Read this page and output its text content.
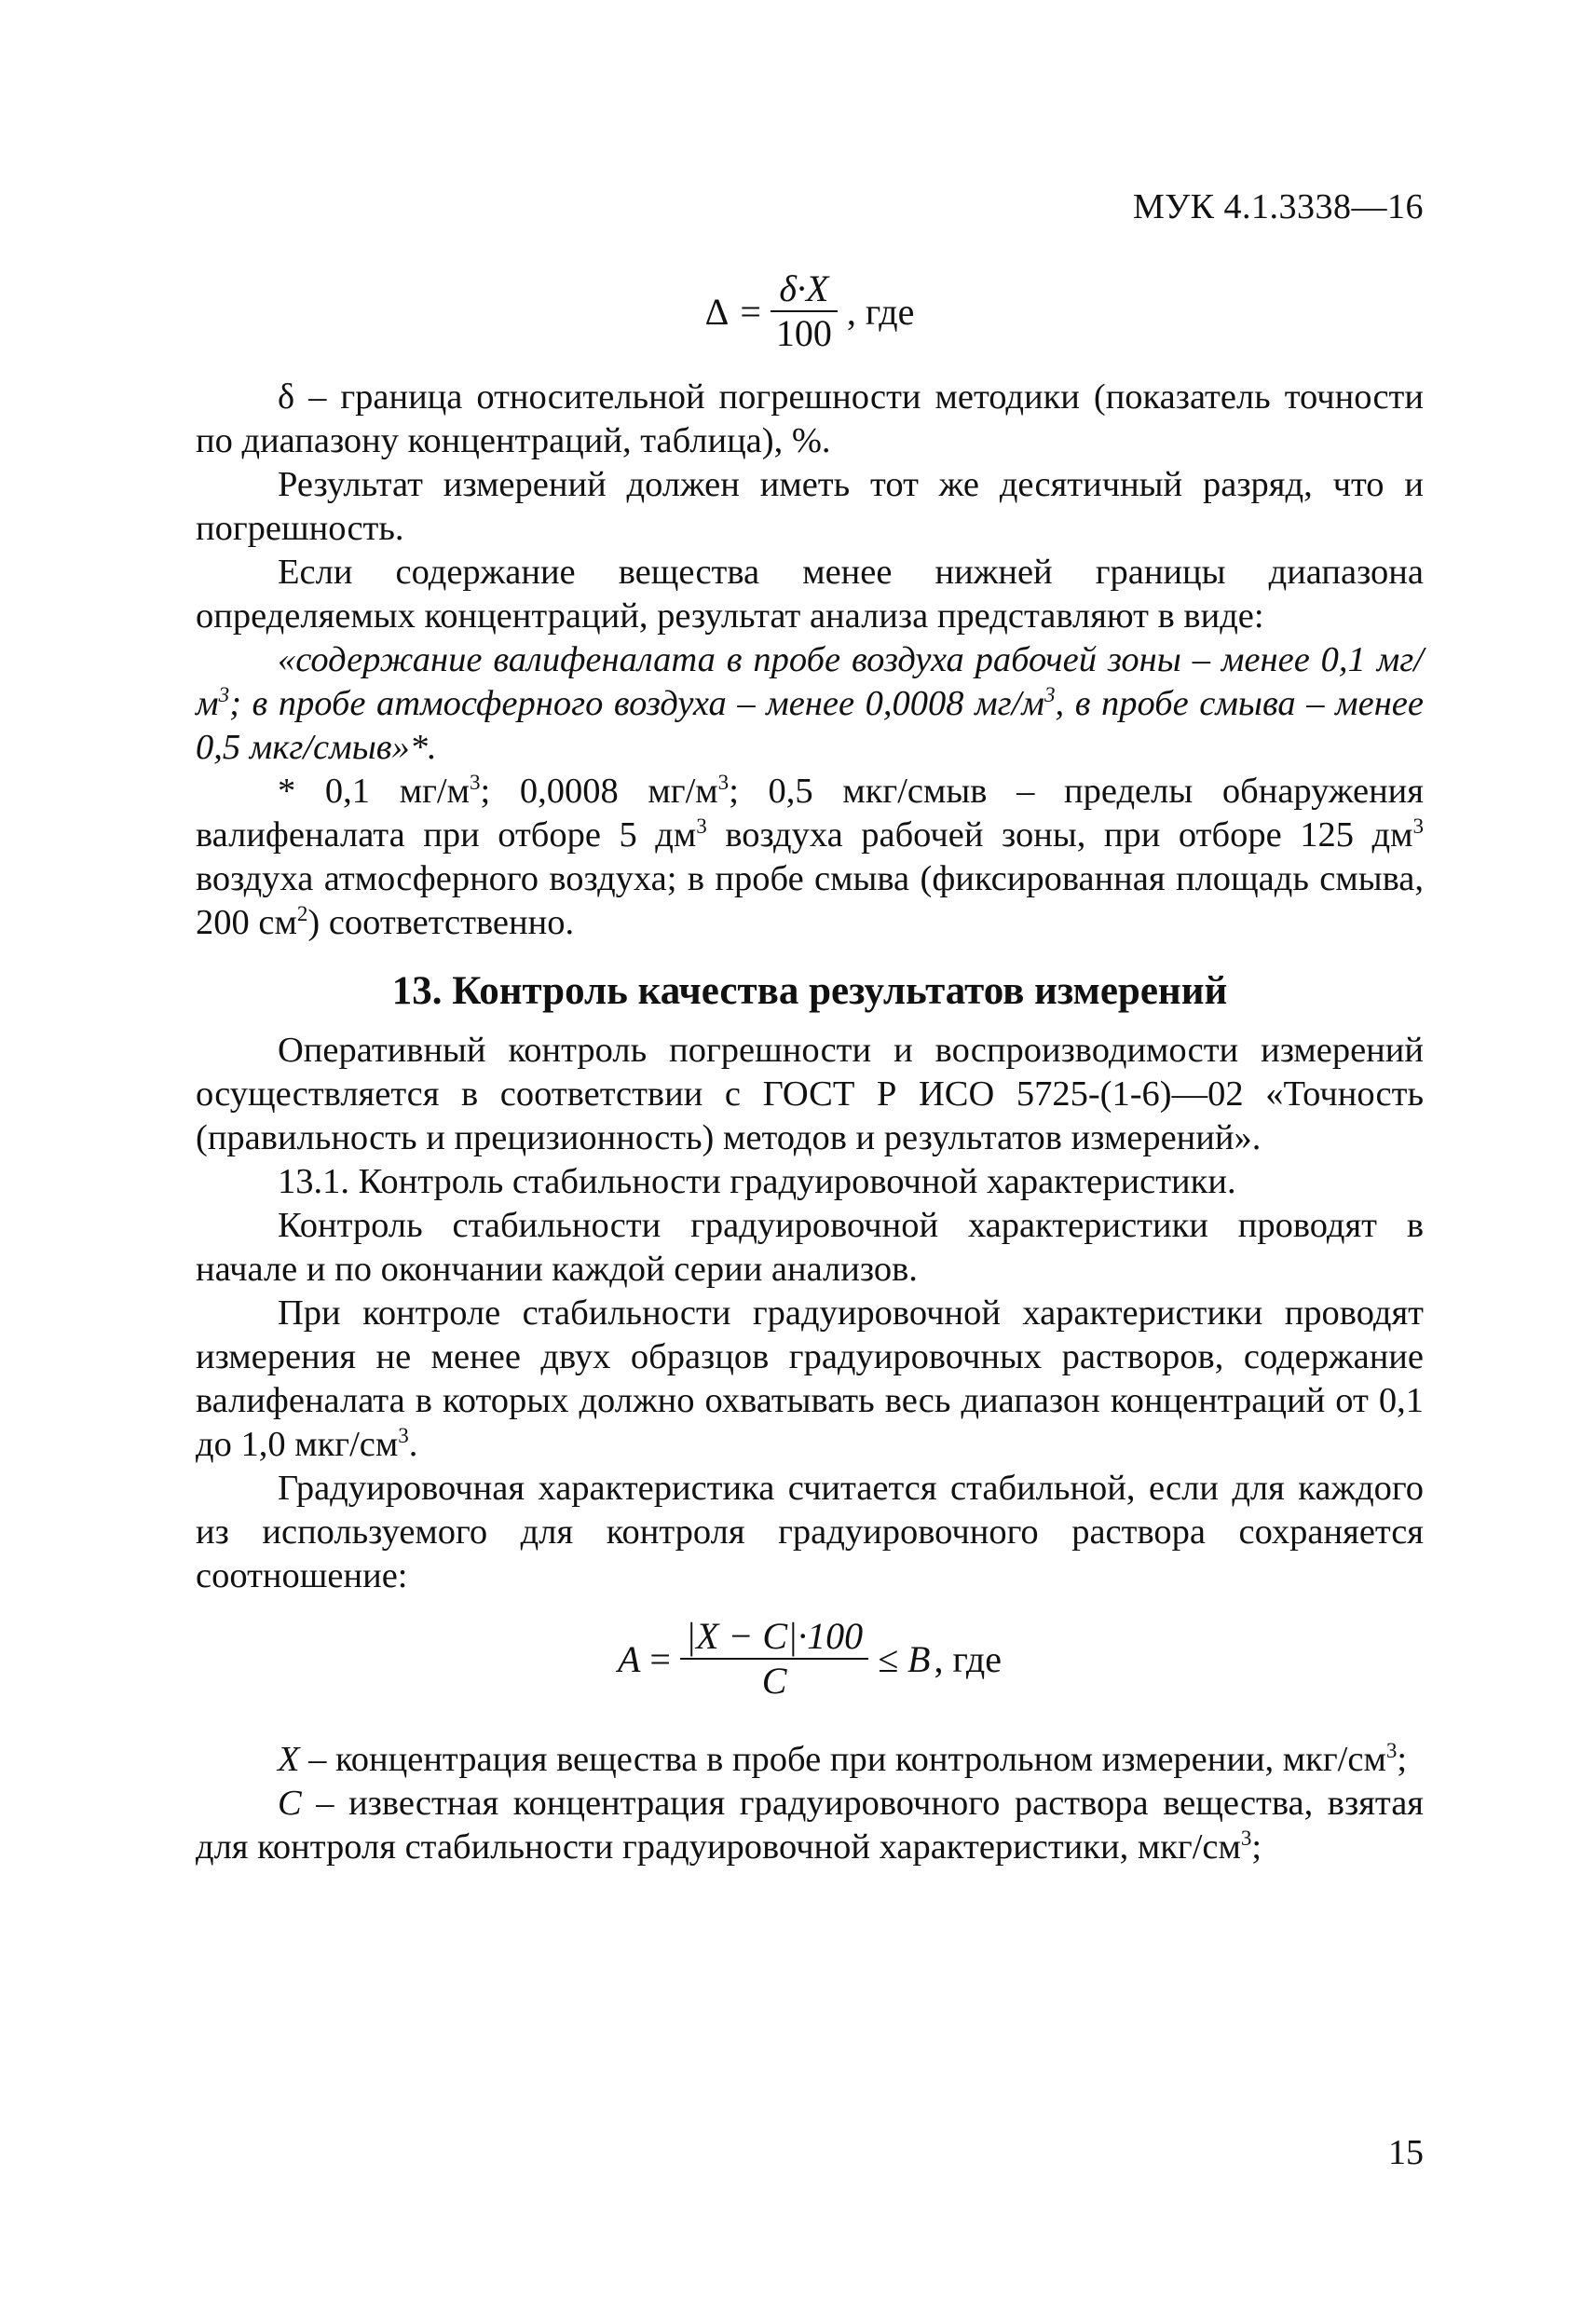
МУК 4.1.3338—16
$\Delta = \frac{\delta\cdot X}{100}$ , где

δ – граница относительной погрешности методики (показатель точности по диапазону концентраций, таблица), %.

Результат измерений должен иметь тот же десятичный разряд, что и погрешность.

Если содержание вещества менее нижней границы диапазона определяемых концентраций, результат анализа представляют в виде:

«содержание валифеналата в пробе воздуха рабочей зоны – менее 0,1 $мг/м^3$; в пробе атмосферного воздуха – менее 0,0008 $мг/м^3$, в пробе смыва – менее 0,5 мкг/смыв»*.

* 0,1 $мг/м^3$; 0,0008 $мг/м^3$; 0,5 мкг/смыв – пределы обнаружения валифеналата при отборе 5 $дм^3$ воздуха рабочей зоны, при отборе 125 $дм^3$ воздуха атмосферного воздуха; в пробе смыва (фиксированная площадь смыва, 200 $см^2$) соответственно.

13. Контроль качества результатов измерений

Оперативный контроль погрешности и воспроизводимости измерений осуществляется в соответствии с ГОСТ Р ИСО 5725-(1-6)—02 «Точность (правильность и прецизионность) методов и результатов измерений».

13.1. Контроль стабильности градуировочной характеристики.

Контроль стабильности градуировочной характеристики проводят в начале и по окончании каждой серии анализов.

При контроле стабильности градуировочной характеристики проводят измерения не менее двух образцов градуировочных растворов, содержание валифеналата в которых должно охватывать весь диапазон концентраций от 0,1 до 1,0 мкг/$см^3$.

Градуировочная характеристика считается стабильной, если для каждого из используемого для контроля градуировочного раствора сохраняется соотношение:

$A = \frac{|X - C|\cdot 100}{C} \le B$ , где

X – концентрация вещества в пробе при контрольном измерении, мкг/$см^3$;

C – известная концентрация градуировочного раствора вещества, взятая для контроля стабильности градуировочной характеристики, мкг/$см^3$;

15
